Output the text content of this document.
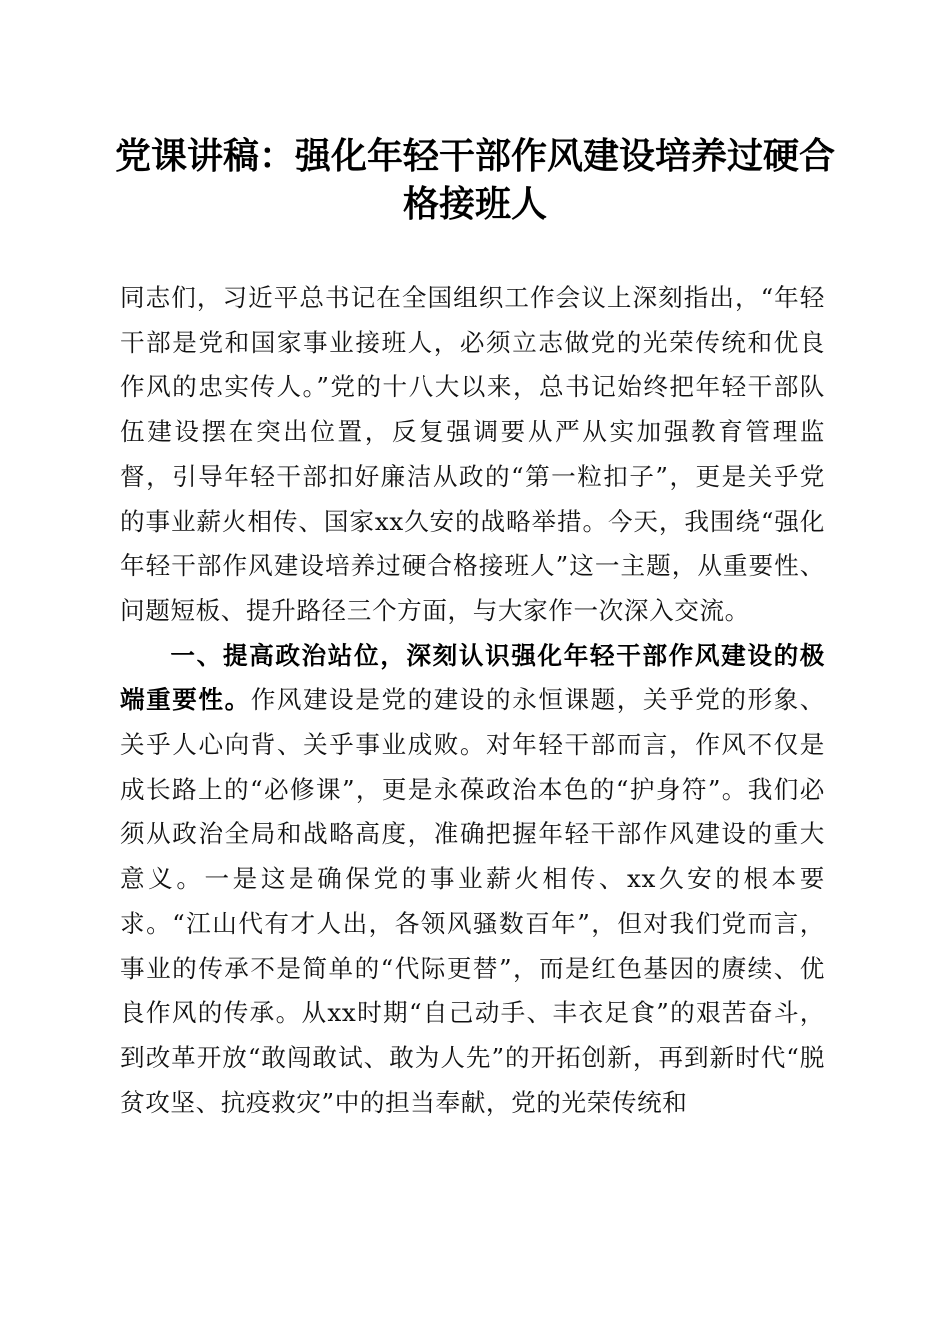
党课讲稿：强化年轻干部作风建设培养过硬合格接班人

同志们，习近平总书记在全国组织工作会议上深刻指出，“年轻干部是党和国家事业接班人，必须立志做党的光荣传统和优良作风的忠实传人。”党的十八大以来，总书记始终把年轻干部队伍建设摆在突出位置，反复强调要从严从实加强教育管理监督，引导年轻干部扣好廉洁从政的“第一粒扣子”，更是关乎党的事业薪火相传、国家xx久安的战略举措。今天，我围绕“强化年轻干部作风建设培养过硬合格接班人”这一主题，从重要性、问题短板、提升路径三个方面，与大家作一次深入交流。

一、提高政治站位，深刻认识强化年轻干部作风建设的极端重要性。作风建设是党的建设的永恒课题，关乎党的形象、关乎人心向背、关乎事业成败。对年轻干部而言，作风不仅是成长路上的“必修课”，更是永葆政治本色的“护身符”。我们必须从政治全局和战略高度，准确把握年轻干部作风建设的重大意义。一是这是确保党的事业薪火相传、xx久安的根本要求。“江山代有才人出，各领风骚数百年”，但对我们党而言，事业的传承不是简单的“代际更替”，而是红色基因的赓续、优良作风的传承。从xx时期“自己动手、丰衣足食”的艰苦奋斗，到改革开放“敢闯敢试、敢为人先”的开拓创新，再到新时代“脱贫攻坚、抗疫救灾”中的担当奉献，党的光荣传统和
